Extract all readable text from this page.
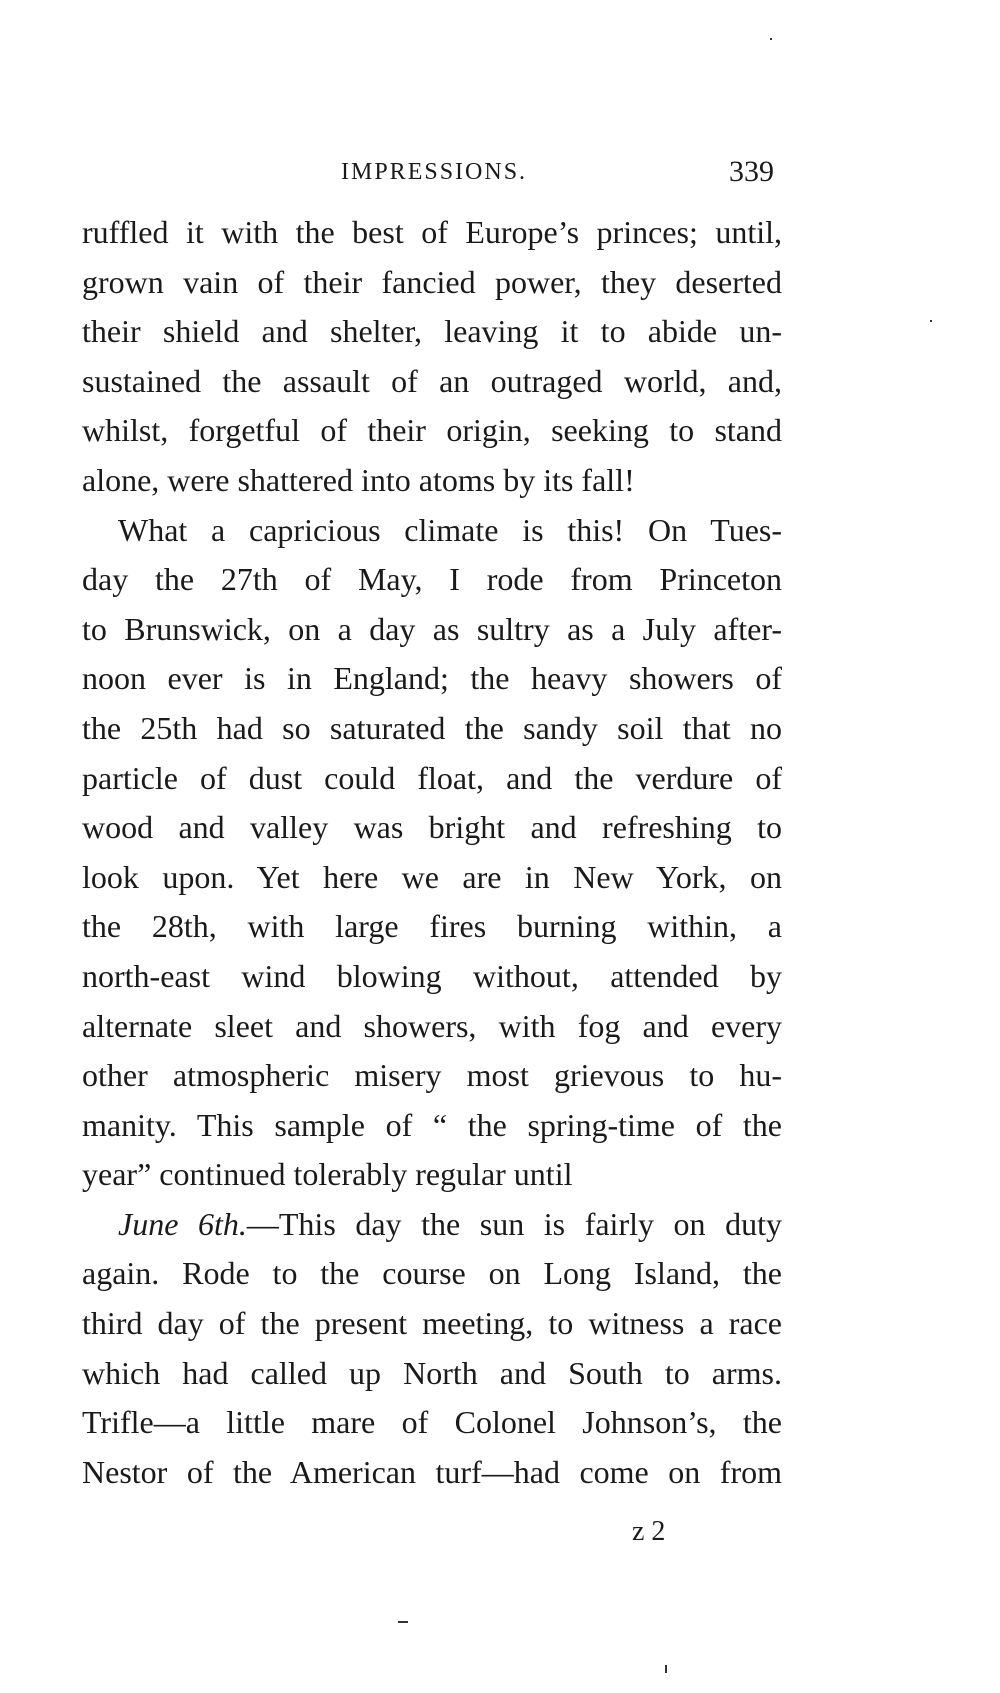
IMPRESSIONS.	339
ruffled it with the best of Europe’s princes; until,
grown vain of their fancied power, they deserted
their shield and shelter, leaving it to abide un-
sustained the assault of an outraged world, and,
whilst, forgetful of their origin, seeking to stand
alone, were shattered into atoms by its fall!
What a capricious climate is this! On Tues-
day the 27th of May, I rode from Princeton
to Brunswick, on a day as sultry as a July after-
noon ever is in England; the heavy showers of
the 25th had so saturated the sandy soil that no
particle of dust could float, and the verdure of
wood and valley was bright and refreshing to
look upon. Yet here we are in New York, on
the 28th, with large fires burning within, a
north-east wind blowing without, attended by
alternate sleet and showers, with fog and every
other atmospheric misery most grievous to hu-
manity. This sample of “ the spring-time of the
year” continued tolerably regular until
June 6th.—This day the sun is fairly on duty
again. Rode to the course on Long Island, the
third day of the present meeting, to witness a race
which had called up North and South to arms.
Trifle—a little mare of Colonel Johnson’s, the
Nestor of the American turf—had come on from
z 2
